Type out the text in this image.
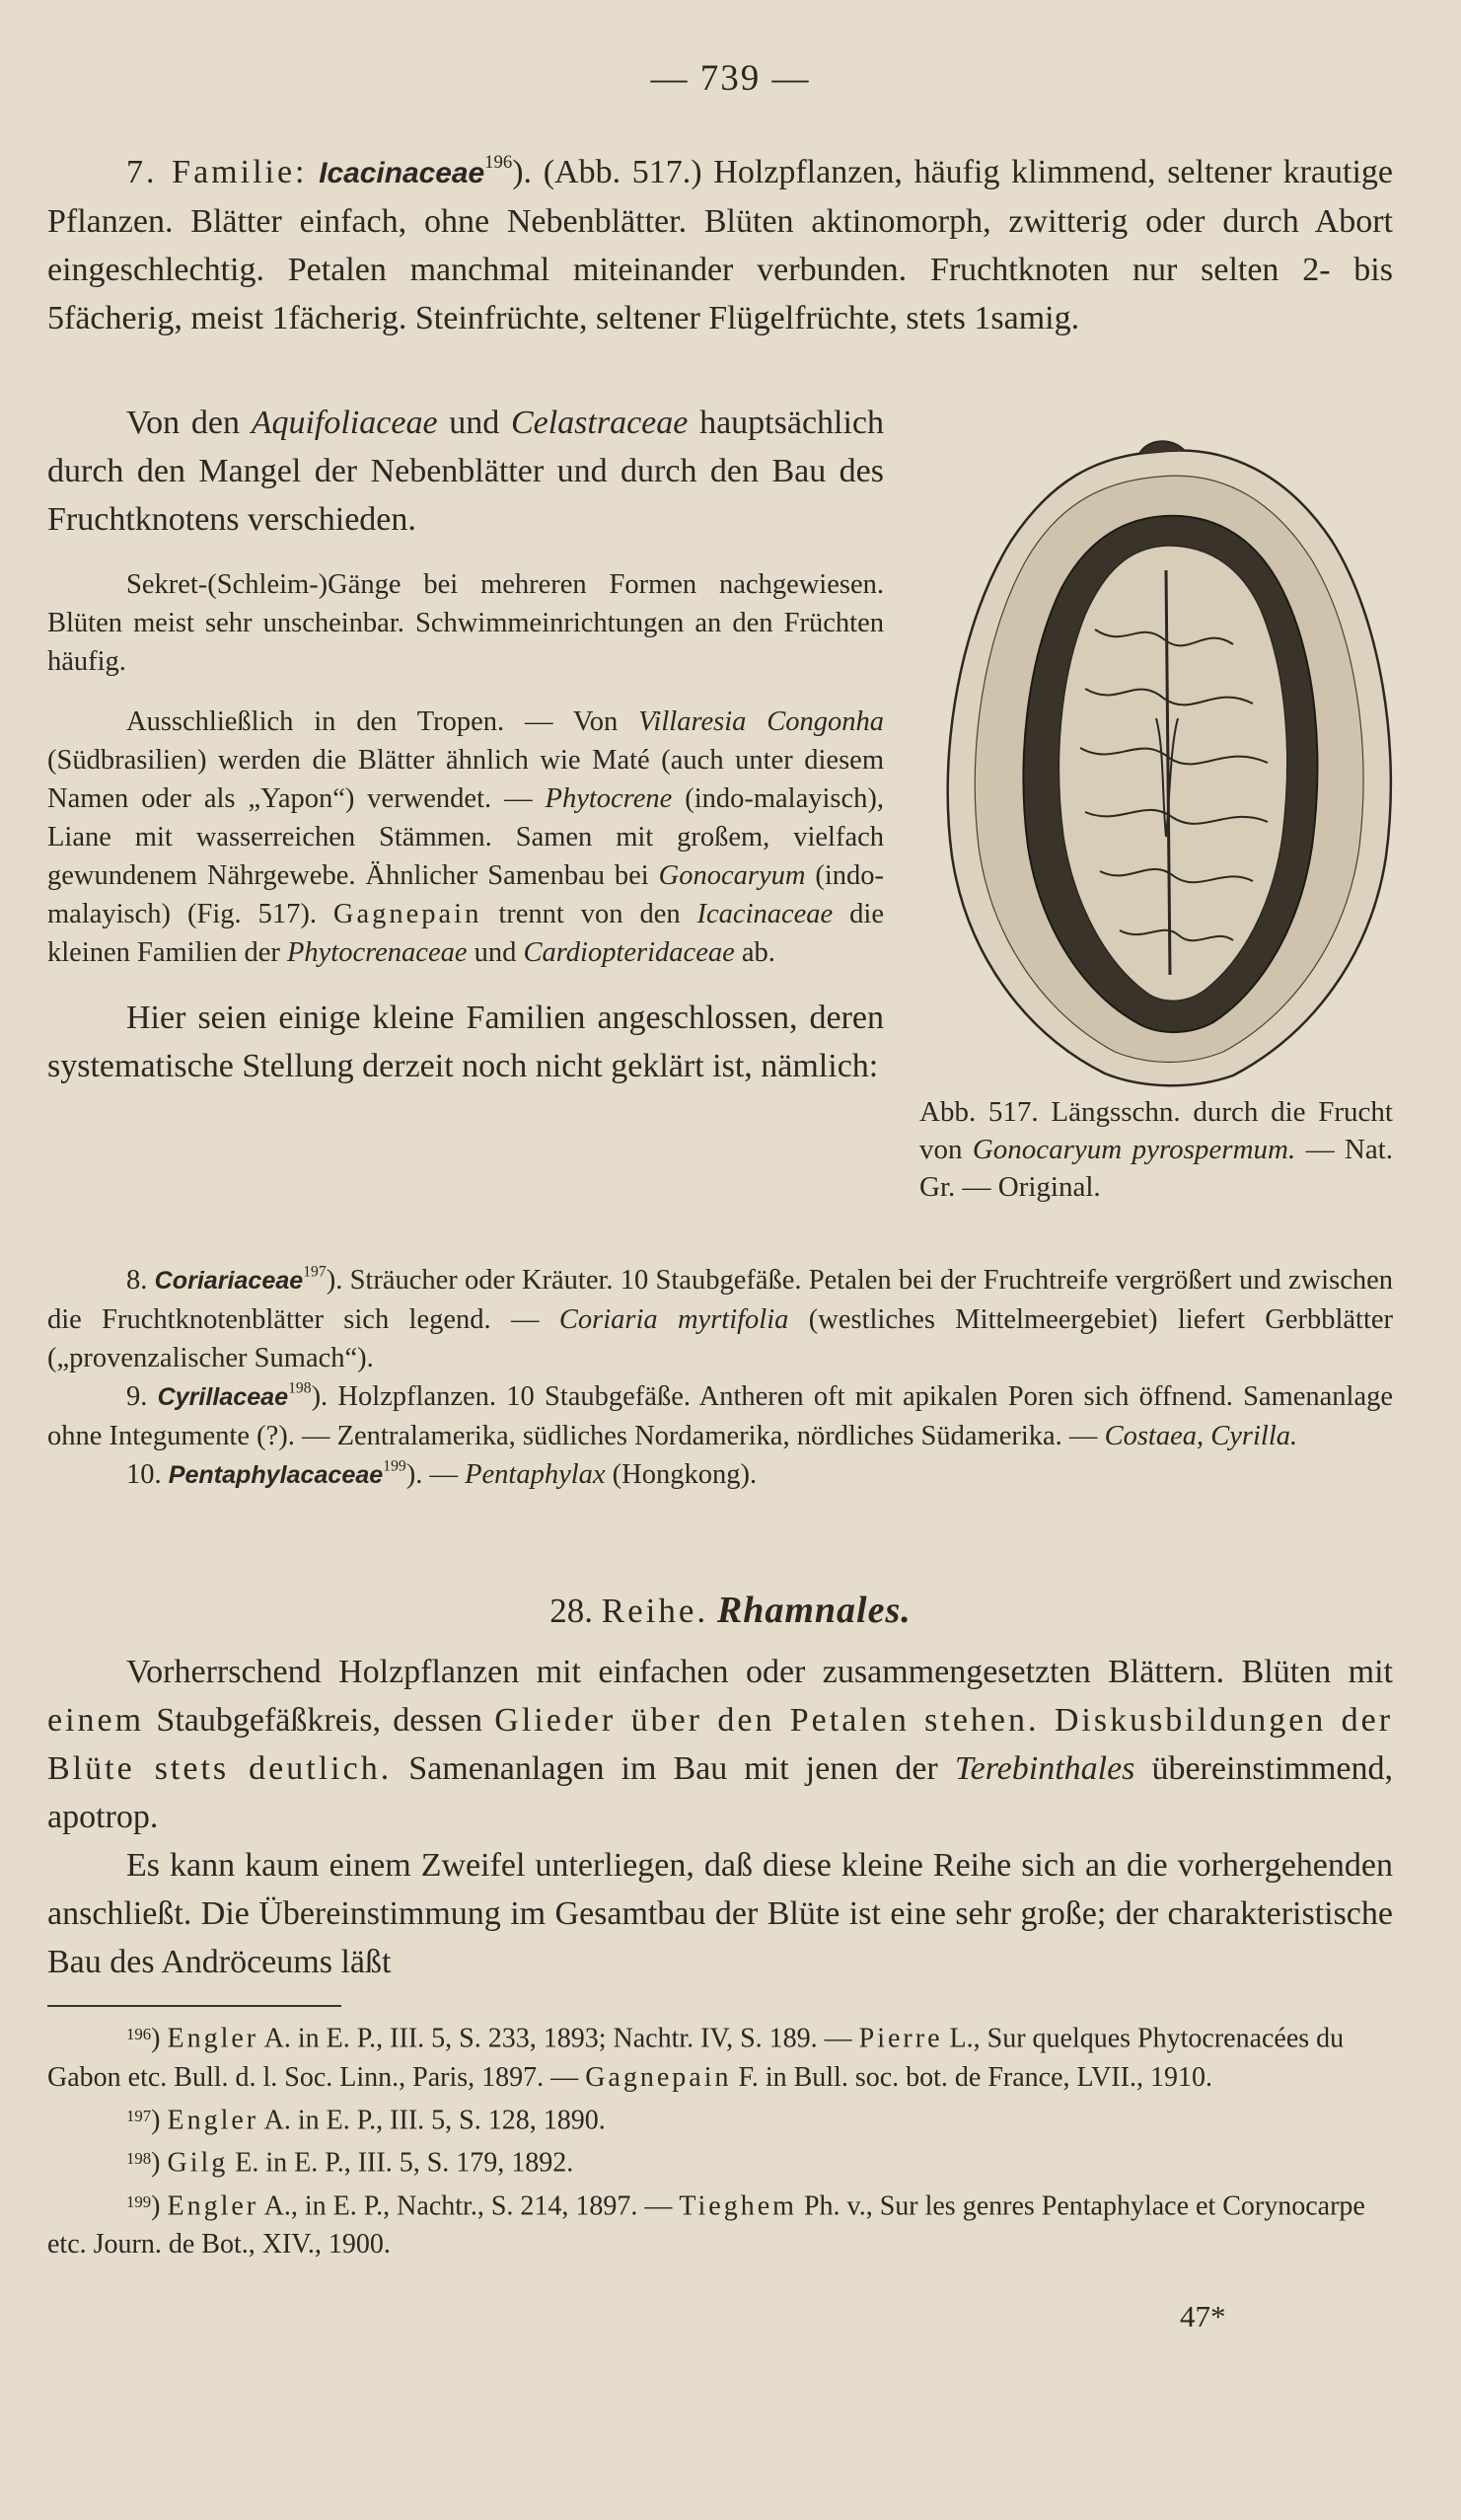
— 739 —

7. Familie: Icacinaceae$^{196}$). (Abb. 517.) Holzpflanzen, häufig klimmend, seltener krautige Pflanzen. Blätter einfach, ohne Nebenblätter. Blüten aktinomorph, zwitterig oder durch Abort eingeschlechtig. Petalen manchmal miteinander verbunden. Fruchtknoten nur selten 2- bis 5fächerig, meist 1fächerig. Steinfrüchte, seltener Flügelfrüchte, stets 1samig.

Von den Aquifoliaceae und Celastraceae hauptsächlich durch den Mangel der Nebenblätter und durch den Bau des Fruchtknotens verschieden.

Sekret-(Schleim-)Gänge bei mehreren Formen nachgewiesen. Blüten meist sehr unscheinbar. Schwimmeinrichtungen an den Früchten häufig.

Ausschließlich in den Tropen. — Von Villaresia Congonha (Südbrasilien) werden die Blätter ähnlich wie Maté (auch unter diesem Namen oder als „Yapon“) verwendet. — Phytocrene (indo-malayisch), Liane mit wasserreichen Stämmen. Samen mit großem, vielfach gewundenem Nährgewebe. Ähnlicher Samenbau bei Gonocaryum (indo-malayisch) (Fig. 517). Gagnepain trennt von den Icacinaceae die kleinen Familien der Phytocrenaceae und Cardiopteridaceae ab.

Hier seien einige kleine Familien angeschlossen, deren systematische Stellung derzeit noch nicht geklärt ist, nämlich:

Abb. 517. Längsschn. durch die Frucht von Gonocaryum pyrospermum. — Nat. Gr. — Original.

8. Coriariaceae$^{197}$). Sträucher oder Kräuter. 10 Staubgefäße. Petalen bei der Fruchtreife vergrößert und zwischen die Fruchtknotenblätter sich legend. — Coriaria myrtifolia (westliches Mittelmeergebiet) liefert Gerbblätter („provenzalischer Sumach“).

9. Cyrillaceae$^{198}$). Holzpflanzen. 10 Staubgefäße. Antheren oft mit apikalen Poren sich öffnend. Samenanlage ohne Integumente (?). — Zentralamerika, südliches Nordamerika, nördliches Südamerika. — Costaea, Cyrilla.

10. Pentaphylacaceae$^{199}$). — Pentaphylax (Hongkong).

28. Reihe. Rhamnales.

Vorherrschend Holzpflanzen mit einfachen oder zusammengesetzten Blättern. Blüten mit einem Staubgefäßkreis, dessen Glieder über den Petalen stehen. Diskusbildungen der Blüte stets deutlich. Samenanlagen im Bau mit jenen der Terebinthales übereinstimmend, apotrop.

Es kann kaum einem Zweifel unterliegen, daß diese kleine Reihe sich an die vorhergehenden anschließt. Die Übereinstimmung im Gesamtbau der Blüte ist eine sehr große; der charakteristische Bau des Andröceums läßt

$^{196}$) Engler A. in E. P., III. 5, S. 233, 1893; Nachtr. IV, S. 189. — Pierre L., Sur quelques Phytocrenacées du Gabon etc. Bull. d. l. Soc. Linn., Paris, 1897. — Gagnepain F. in Bull. soc. bot. de France, LVII., 1910.

$^{197}$) Engler A. in E. P., III. 5, S. 128, 1890.

$^{198}$) Gilg E. in E. P., III. 5, S. 179, 1892.

$^{199}$) Engler A., in E. P., Nachtr., S. 214, 1897. — Tieghem Ph. v., Sur les genres Pentaphylace et Corynocarpe etc. Journ. de Bot., XIV., 1900.

47*
